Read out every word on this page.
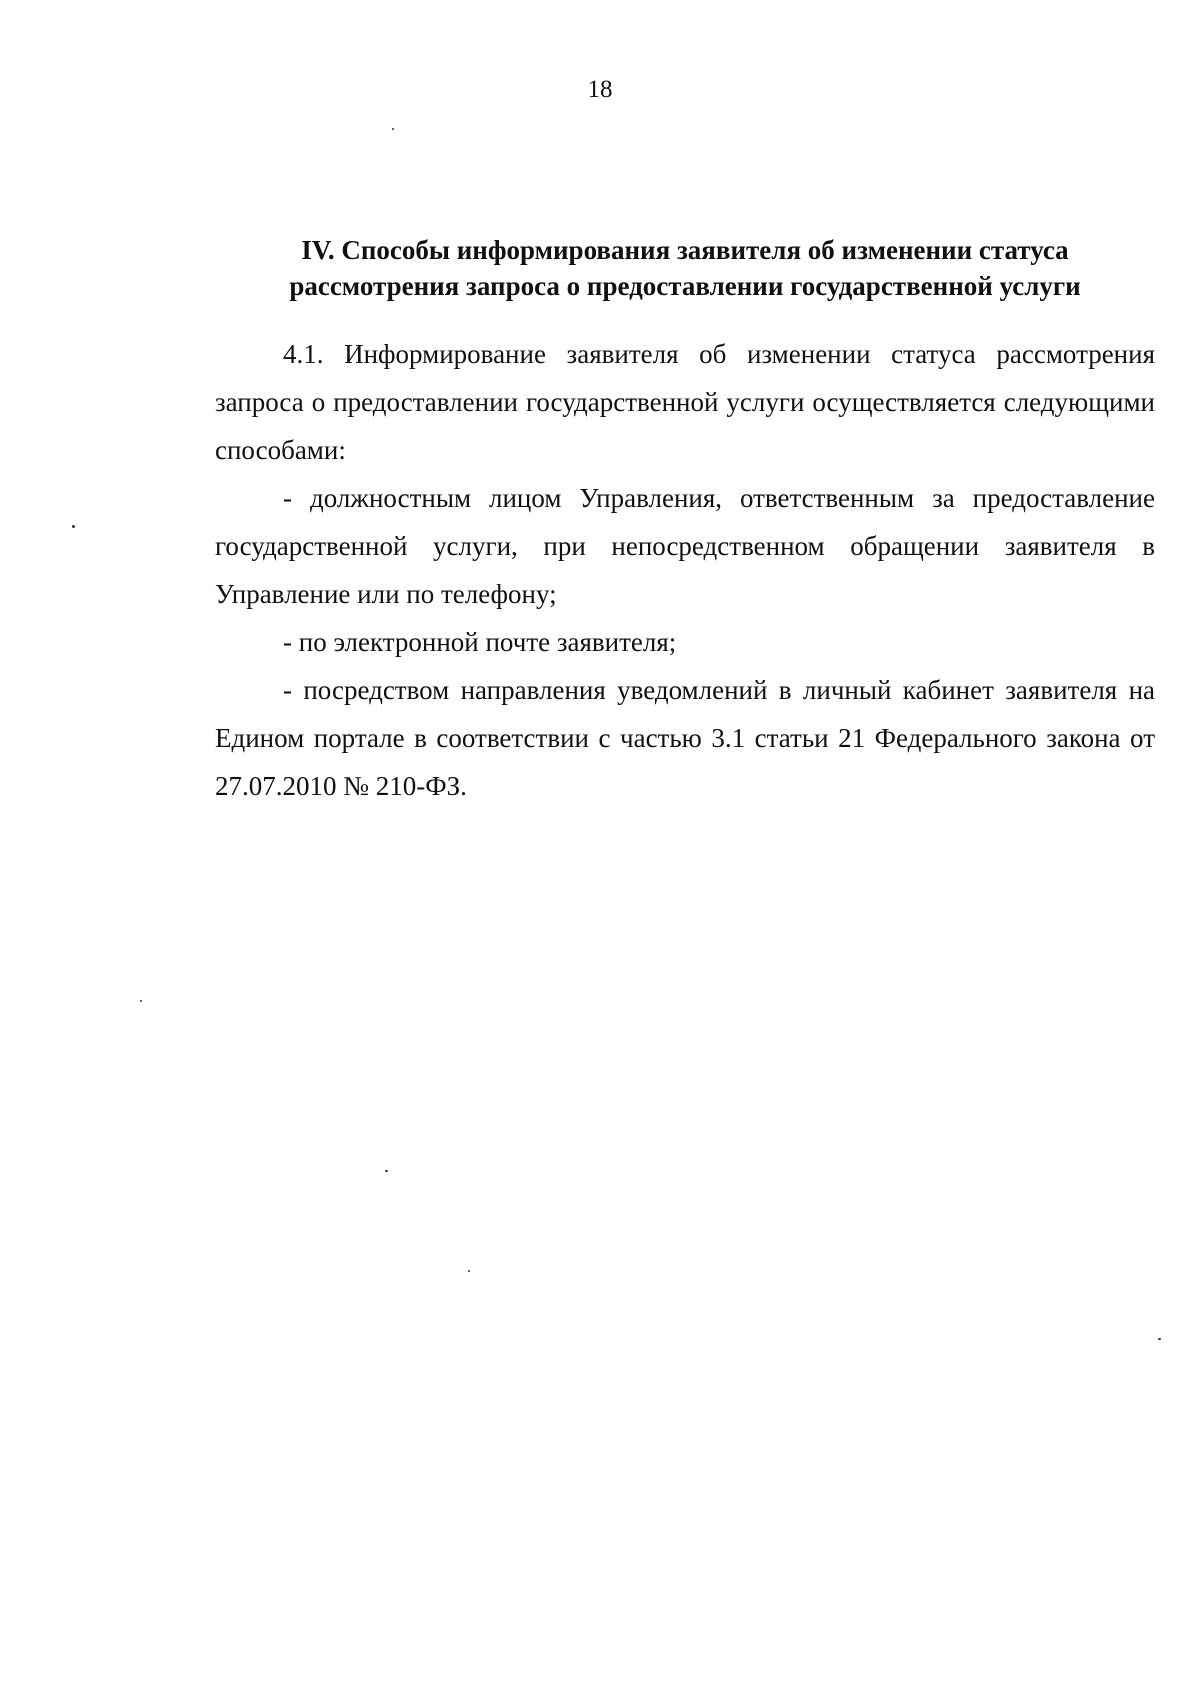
18
IV. Способы информирования заявителя об изменении статуса
рассмотрения запроса о предоставлении государственной услуги

4.1. Информирование заявителя об изменении статуса рассмотрения запроса о предоставлении государственной услуги осуществляется следующими способами:

- должностным лицом Управления, ответственным за предоставление государственной услуги, при непосредственном обращении заявителя в Управление или по телефону;

- по электронной почте заявителя;

- посредством направления уведомлений в личный кабинет заявителя на Едином портале в соответствии с частью 3.1 статьи 21 Федерального закона от 27.07.2010 № 210-ФЗ.
